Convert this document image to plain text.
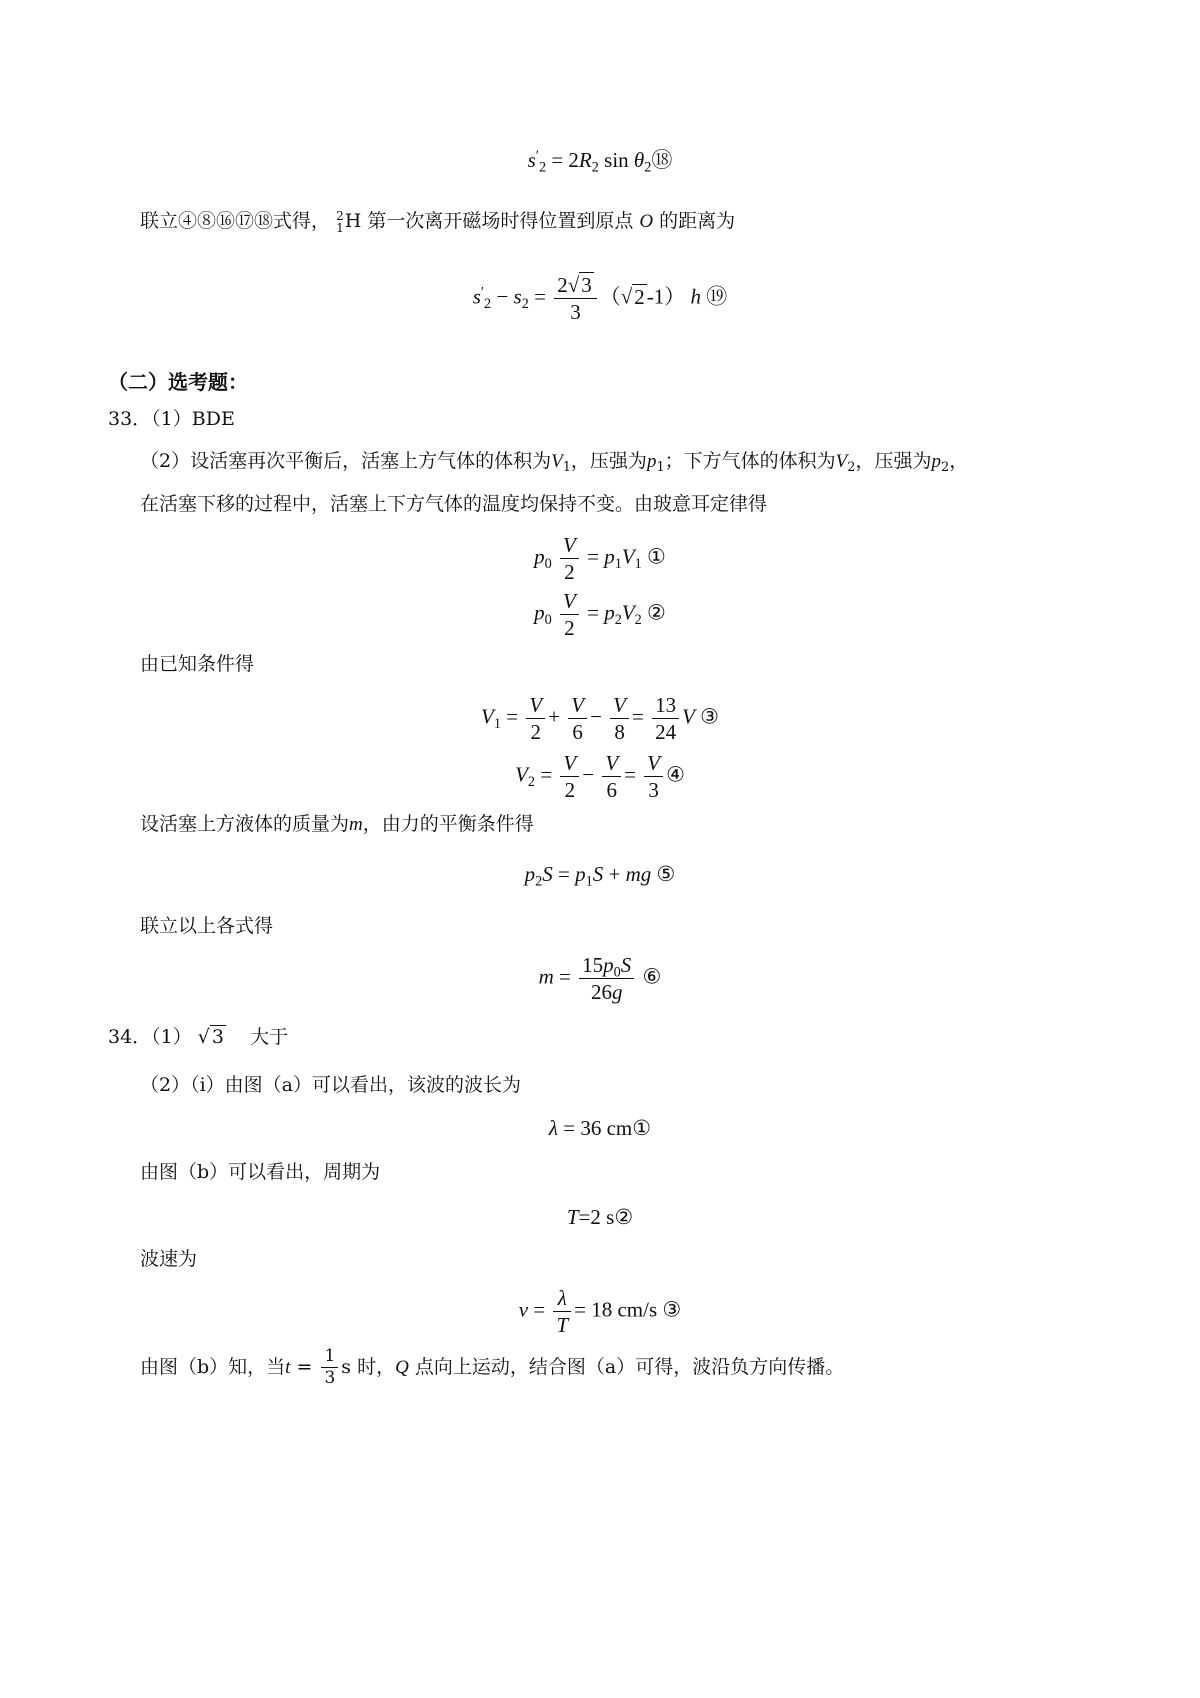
$s'_2 = 2R_2$ $\sin \theta_2⑱$
联立④⑧⑯⑰⑱式得， 2
1 H 第一次离开磁场时得位置到原点 O 的距离为
$s'_2 - s_2 = \frac{2√3}{3} (√2-1)$ h ⑲
（二）选考题：
33．（1）BDE
（2）设活塞再次平衡后，活塞上方气体的体积为$V_1$，压强为$p_1$；下方气体的体积为$V_2$，压强为$p_2$，
在活塞下移的过程中，活塞上下方气体的温度均保持不变。由玻意耳定律得
$p_0 \frac{V}{2} = p_1V_1$ ①
$p_0 \frac{V}{2} = p_2V_2$ ②
由已知条件得
$V_1 = \frac{V}{2} + \frac{V}{6} - \frac{V}{8} = \frac{13}{24}$ V ③
$V_2 = \frac{V}{2} - \frac{V}{6} = \frac{V}{3}$ ④
设活塞上方液体的质量为m，由力的平衡条件得
$p_2S = p_1S$ + mg ⑤
联立以上各式得
$m = \frac{15p_0S}{26g}$ ⑥
34．（1） √ 3 大于
（2）（i）由图（a）可以看出，该波的波长为
λ = 36 cm①
由图（b）可以看出，周期为
T=2 s②
波速为
$v = \frac{\lambda}{T} = 18$ cm/s ③
由图（b）知，当$t = \frac{1}{3}$ s 时，Q 点向上运动，结合图（a）可得，波沿负方向传播。
